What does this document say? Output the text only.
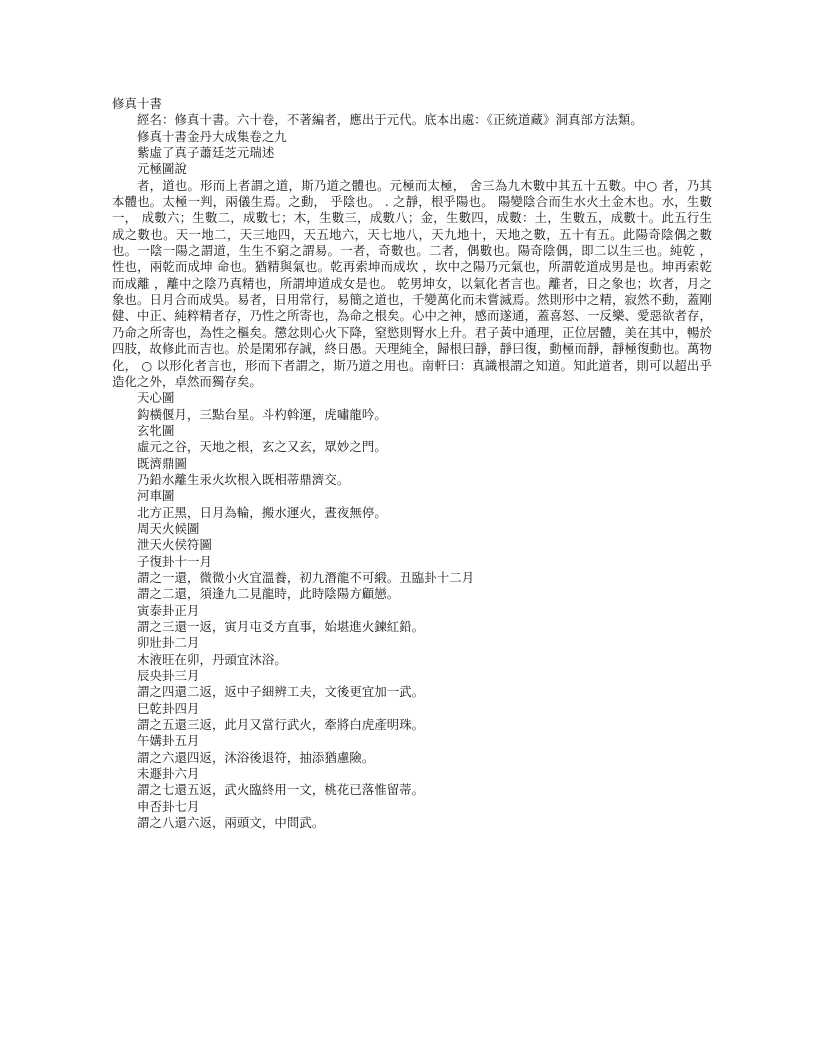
修真十書
經名：修真十書。六十卷，不著編者，應出于元代。底本出處：《正統道藏》洞真部方法類。
修真十書金丹大成集卷之九
紫虛了真子蕭廷芝元瑞述
元極圖說

者，道也。形而上者謂之道，斯乃道之體也。元極而太極， 舍三為九木數中其五十五數。中○ 者，乃其本體也。太極一判，兩儀生焉。之動， 乎陰也。 . 之靜，根乎陽也。 陽變陰合而生水火土金木也。水，生數一， 成數六；生數二，成數七；木，生數三，成數八；金，生數四，成數：土，生數五，成數十。此五行生成之數也。天一地二，天三地四，天五地六，天七地八，天九地十，天地之數，五十有五。此陽奇陰偶之數也。一陰一陽之謂道，生生不窮之謂易。一者，奇數也。二者，偶數也。陽奇陰偶，即二以生三也。純乾 ，性也，兩乾而成坤 命也。猶精與氣也。乾再索坤而成坎 ，坎中之陽乃元氣也，所謂乾道成男是也。坤再索乾而成離 ，離中之陰乃真精也，所謂坤道成女是也。 乾男坤女，以氣化者言也。離者，日之象也；坎者，月之象也。日月合而成吳。易者，日用常行，易簡之道也，千變萬化而未嘗滅焉。然則形中之精，寂然不動，蓋剛健、中正、純粹精者存，乃性之所寄也，為命之根矣。心中之神，感而遂通，蓋喜怒、一反樂、愛惡欲者存，乃命之所寄也，為性之樞矣。懲忿則心火下降，窒慾則腎水上升。君子黃中通理，正位居體，美在其中，暢於四肢，故修此而吉也。於是閑邪存誠，終日愚。天理純全，歸根曰靜，靜曰復，動極而靜，靜極復動也。萬物化， ○ 以形化者言也，形而下者謂之，斯乃道之用也。南軒曰：真識根謂之知道。知此道者，則可以超出乎造化之外，卓然而獨存矣。

天心圖
鈎橫偃月，三點台星。斗杓斡運，虎嘯龍吟。
玄牝圖
虛元之谷，天地之根，玄之又玄，眾妙之門。
既濟鼎圖
乃鉛水離生汞火坎根入既相蒂鼎濟交。
河車圖
北方正黑，日月為輪，搬水運火，晝夜無停。
周天火候圖
泄天火侯符圖
子復卦十一月
謂之一還，微微小火宜溫養，初九潛龍不可緞。丑臨卦十二月
謂之二還，須逢九二見龍時，此時陰陽方顧戀。
寅泰卦正月
謂之三還一返，寅月屯爻方直事，始堪進火鍊紅鉛。
卯壯卦二月
木液旺在卯，丹頭宜沐浴。
辰央卦三月
謂之四還二返，返中子細辨工夫，文後更宜加一武。
巳乾卦四月
謂之五還三返，此月又當行武火，牽將白虎產明珠。
午媾卦五月
謂之六還四返，沐浴後退符，抽添猶慮險。
未遯卦六月
謂之七還五返，武火臨終用一文，桃花已落惟留蒂。
申否卦七月
謂之八還六返，兩頭文，中問武。
